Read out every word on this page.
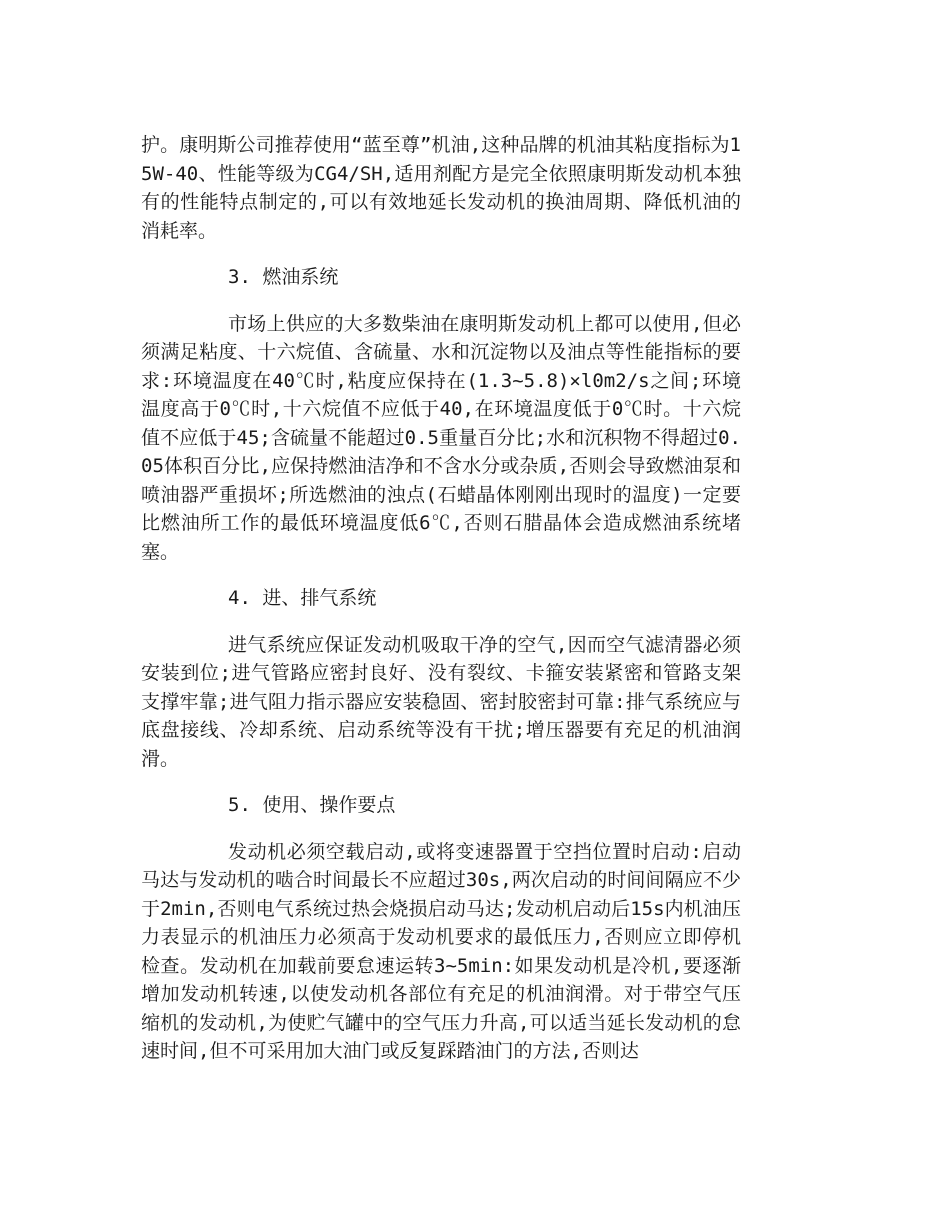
护。康明斯公司推荐使用“蓝至尊”机油,这种品牌的机油其粘度指标为15W-40、性能等级为CG4/SH,适用剂配方是完全依照康明斯发动机本独有的性能特点制定的,可以有效地延长发动机的换油周期、降低机油的消耗率。

3. 燃油系统

市场上供应的大多数柴油在康明斯发动机上都可以使用,但必须满足粘度、十六烷值、含硫量、水和沉淀物以及油点等性能指标的要求:环境温度在40℃时,粘度应保持在(1.3~5.8)×l0m2/s之间;环境温度高于0℃时,十六烷值不应低于40,在环境温度低于0℃时。十六烷值不应低于45;含硫量不能超过0.5重量百分比;水和沉积物不得超过0.05体积百分比,应保持燃油洁净和不含水分或杂质,否则会导致燃油泵和喷油器严重损坏;所选燃油的浊点(石蜡晶体刚刚出现时的温度)一定要比燃油所工作的最低环境温度低6℃,否则石腊晶体会造成燃油系统堵塞。

4. 进、排气系统

进气系统应保证发动机吸取干净的空气,因而空气滤清器必须安装到位;进气管路应密封良好、没有裂纹、卡箍安装紧密和管路支架支撑牢靠;进气阻力指示器应安装稳固、密封胶密封可靠:排气系统应与底盘接线、冷却系统、启动系统等没有干扰;增压器要有充足的机油润滑。

5. 使用、操作要点

发动机必须空载启动,或将变速器置于空挡位置时启动:启动马达与发动机的啮合时间最长不应超过30s,两次启动的时间间隔应不少于2min,否则电气系统过热会烧损启动马达;发动机启动后15s内机油压力表显示的机油压力必须高于发动机要求的最低压力,否则应立即停机检查。发动机在加载前要怠速运转3~5min:如果发动机是冷机,要逐渐增加发动机转速,以使发动机各部位有充足的机油润滑。对于带空气压缩机的发动机,为使贮气罐中的空气压力升高,可以适当延长发动机的怠速时间,但不可采用加大油门或反复踩踏油门的方法,否则达
